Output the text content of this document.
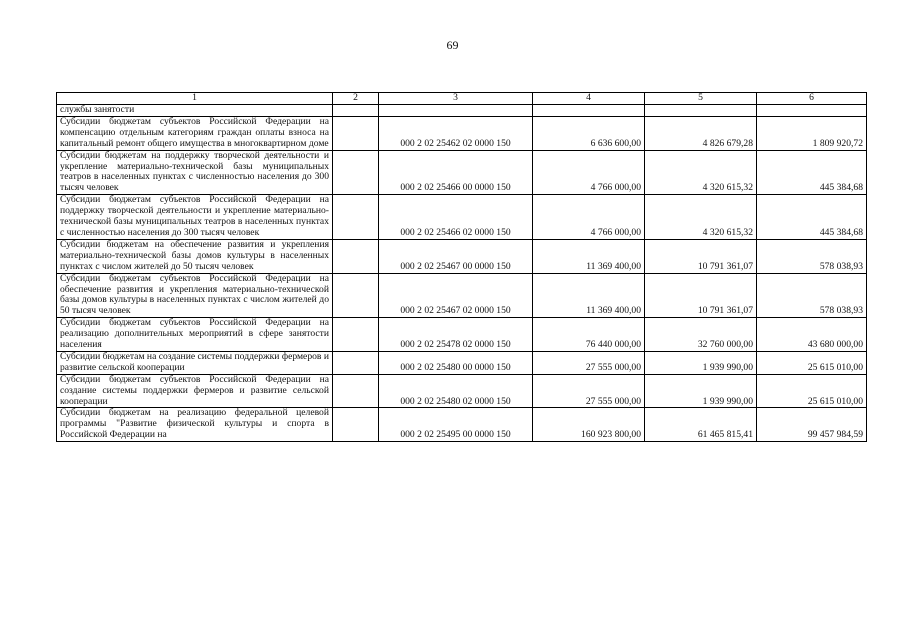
69
1	2	3	4	5	6
службы занятости					
Субсидии бюджетам субъектов Российской Федерации на компенсацию отдельным категориям граждан оплаты взноса на капитальный ремонт общего имущества в многоквартирном доме		000 2 02 25462 02 0000 150	6 636 600,00	4 826 679,28	1 809 920,72
Субсидии бюджетам на поддержку творческой деятельности и укрепление материально-технической базы муниципальных театров в населенных пунктах с численностью населения до 300 тысяч человек		000 2 02 25466 00 0000 150	4 766 000,00	4 320 615,32	445 384,68
Субсидии бюджетам субъектов Российской Федерации на поддержку творческой деятельности и укрепление материально-технической базы муниципальных театров в населенных пунктах с численностью населения до 300 тысяч человек		000 2 02 25466 02 0000 150	4 766 000,00	4 320 615,32	445 384,68
Субсидии бюджетам на обеспечение развития и укрепления материально-технической базы домов культуры в населенных пунктах с числом жителей до 50 тысяч человек		000 2 02 25467 00 0000 150	11 369 400,00	10 791 361,07	578 038,93
Субсидии бюджетам субъектов Российской Федерации на обеспечение развития и укрепления материально-технической базы домов культуры в населенных пунктах с числом жителей до 50 тысяч человек		000 2 02 25467 02 0000 150	11 369 400,00	10 791 361,07	578 038,93
Субсидии бюджетам субъектов Российской Федерации на реализацию дополнительных мероприятий в сфере занятости населения		000 2 02 25478 02 0000 150	76 440 000,00	32 760 000,00	43 680 000,00
Субсидии бюджетам на создание системы поддержки фермеров и развитие сельской кооперации		000 2 02 25480 00 0000 150	27 555 000,00	1 939 990,00	25 615 010,00
Субсидии бюджетам субъектов Российской Федерации на создание системы поддержки фермеров и развитие сельской кооперации		000 2 02 25480 02 0000 150	27 555 000,00	1 939 990,00	25 615 010,00
Субсидии бюджетам на реализацию федеральной целевой программы "Развитие физической культуры и спорта в Российской Федерации на		000 2 02 25495 00 0000 150	160 923 800,00	61 465 815,41	99 457 984,59
